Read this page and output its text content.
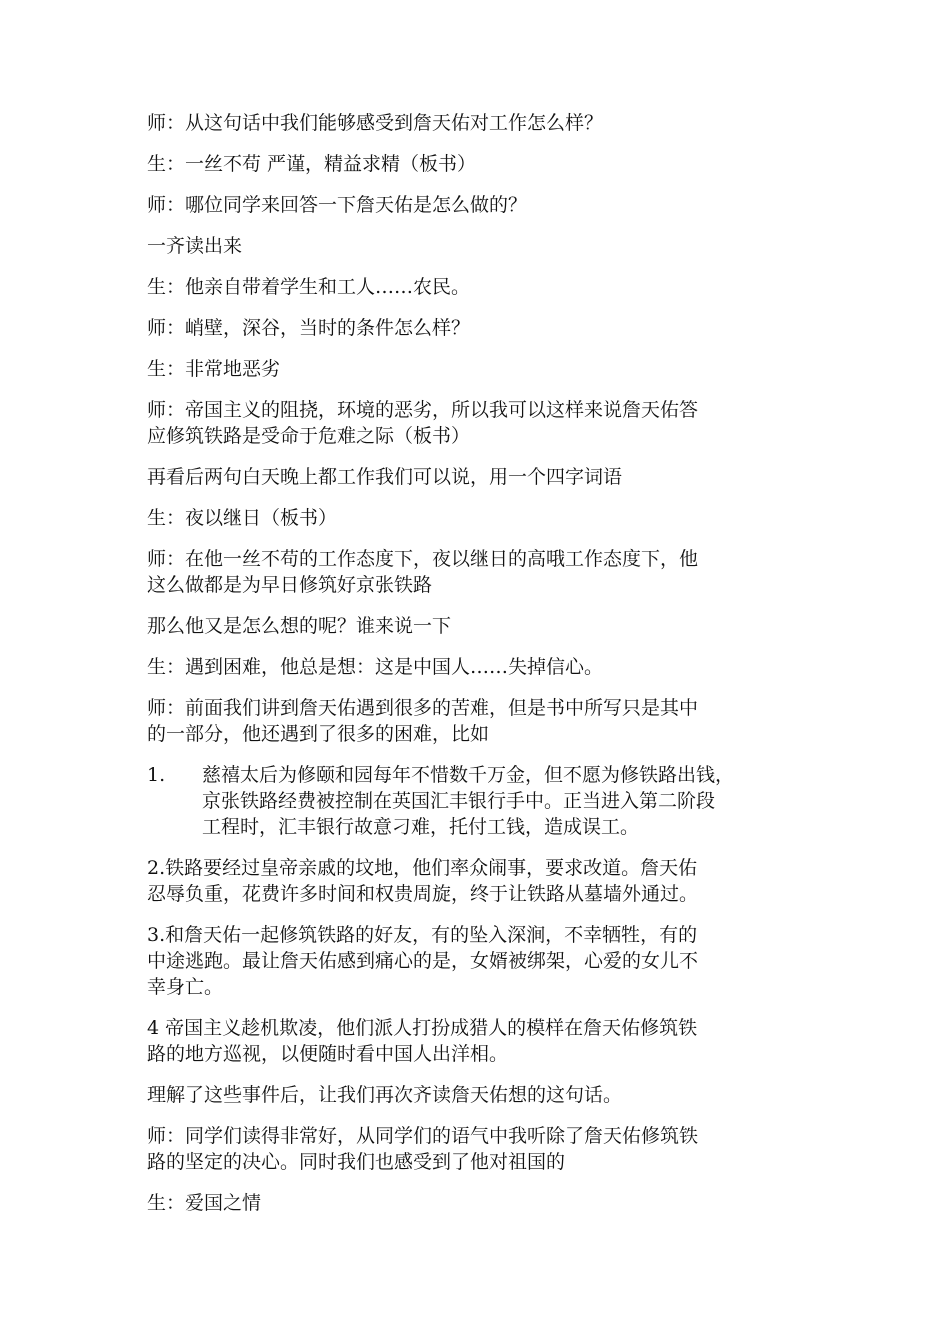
师：从这句话中我们能够感受到詹天佑对工作怎么样？
生：一丝不苟 严谨，精益求精（板书）
师：哪位同学来回答一下詹天佑是怎么做的？
一齐读出来
生：他亲自带着学生和工人……农民。
师：峭壁，深谷，当时的条件怎么样？
生：非常地恶劣
师：帝国主义的阻挠，环境的恶劣，所以我可以这样来说詹天佑答
应修筑铁路是受命于危难之际（板书）
再看后两句白天晚上都工作我们可以说，用一个四字词语
生：夜以继日（板书）
师：在他一丝不苟的工作态度下，夜以继日的高哦工作态度下，他
这么做都是为早日修筑好京张铁路
那么他又是怎么想的呢？谁来说一下
生：遇到困难，他总是想：这是中国人……失掉信心。
师：前面我们讲到詹天佑遇到很多的苦难，但是书中所写只是其中
的一部分，他还遇到了很多的困难，比如
1. 慈禧太后为修颐和园每年不惜数千万金，但不愿为修铁路出钱，
京张铁路经费被控制在英国汇丰银行手中。正当进入第二阶段
工程时，汇丰银行故意刁难，托付工钱，造成误工。
2.铁路要经过皇帝亲戚的坟地，他们率众闹事，要求改道。詹天佑
忍辱负重，花费许多时间和权贵周旋，终于让铁路从墓墙外通过。
3.和詹天佑一起修筑铁路的好友，有的坠入深涧，不幸牺牲，有的
中途逃跑。最让詹天佑感到痛心的是，女婿被绑架，心爱的女儿不
幸身亡。
4 帝国主义趁机欺凌，他们派人打扮成猎人的模样在詹天佑修筑铁
路的地方巡视，以便随时看中国人出洋相。
理解了这些事件后，让我们再次齐读詹天佑想的这句话。
师：同学们读得非常好，从同学们的语气中我听除了詹天佑修筑铁
路的坚定的决心。同时我们也感受到了他对祖国的
生：爱国之情
